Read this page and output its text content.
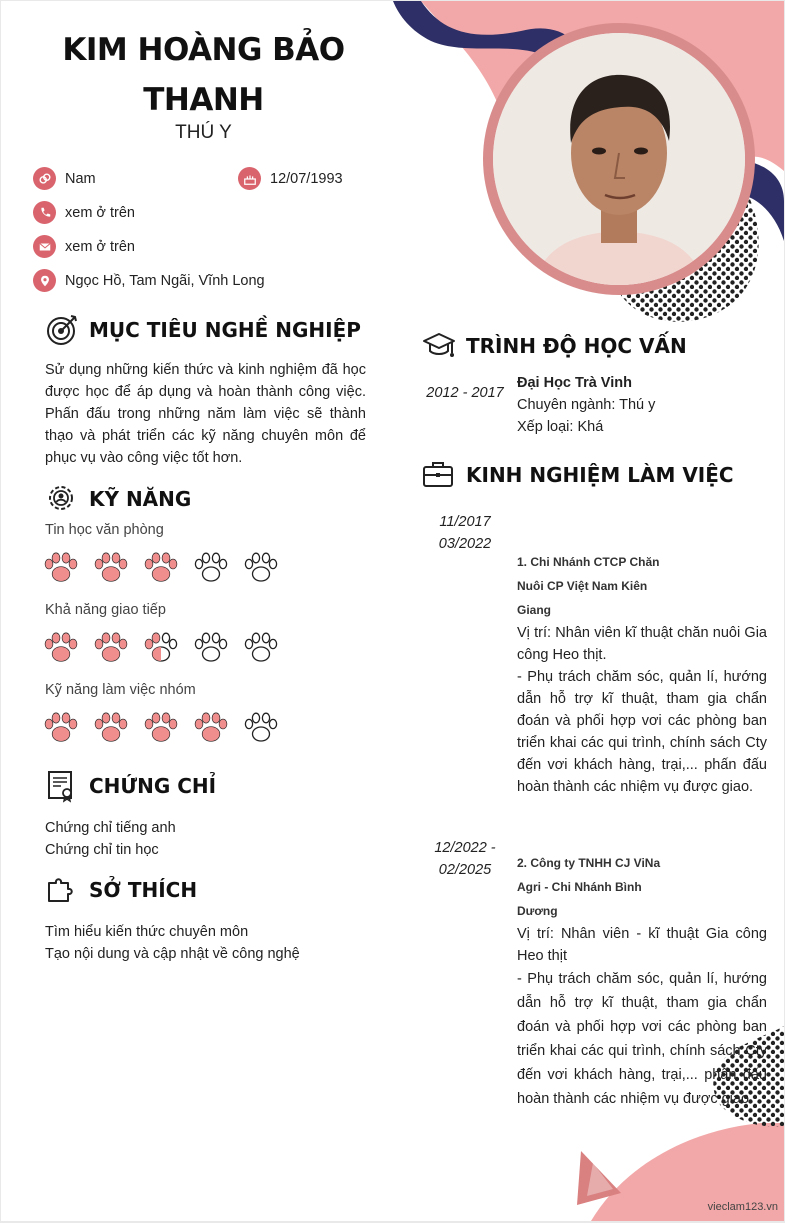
KIM HOÀNG BẢO THANH
THÚ Y
Nam	12/07/1993
xem ở trên
xem ở trên
Ngọc Hồ, Tam Ngãi, Vĩnh Long
MỤC TIÊU NGHỀ NGHIỆP
Sử dụng những kiến thức và kinh nghiệm đã học được học để áp dụng và hoàn thành công việc. Phấn đấu trong những năm làm việc sẽ thành thạo và phát triển các kỹ năng chuyên môn để phục vụ vào công việc tốt hơn.
KỸ NĂNG
Tin học văn phòng
Khả năng giao tiếp
Kỹ năng làm việc nhóm
CHỨNG CHỈ
Chứng chỉ tiếng anh
Chứng chỉ tin học
SỞ THÍCH
Tìm hiểu kiến thức chuyên môn
Tạo nội dung và cập nhật về công nghệ
TRÌNH ĐỘ HỌC VẤN
2012 - 2017
Đại Học Trà Vinh
Chuyên ngành: Thú y
Xếp loại: Khá
KINH NGHIỆM LÀM VIỆC
11/2017
03/2022
1. Chi Nhánh CTCP Chăn
Nuôi CP Việt Nam Kiên
Giang
Vị trí: Nhân viên kĩ thuật chăn nuôi Gia công Heo thịt.
- Phụ trách chăm sóc, quản lí, hướng dẫn hỗ trợ kĩ thuật, tham gia chẩn đoán và phối hợp vơi các phòng ban triển khai các qui trình, chính sách Cty đến vơi khách hàng, trại,... phấn đấu hoàn thành các nhiệm vụ được giao.
12/2022 -
02/2025	2. Công ty TNHH CJ ViNa
Agri - Chi Nhánh Bình
Dương
Vị trí: Nhân viên - kĩ thuật Gia công Heo thịt
- Phụ trách chăm sóc, quản lí, hướng dẫn hỗ trợ kĩ thuật, tham gia chẩn đoán và phối hợp vơi các phòng ban triển khai các qui trình, chính sách Cty đến vơi khách hàng, trại,... phấn đấu hoàn thành các nhiệm vụ được giao.
vieclam123.vn
